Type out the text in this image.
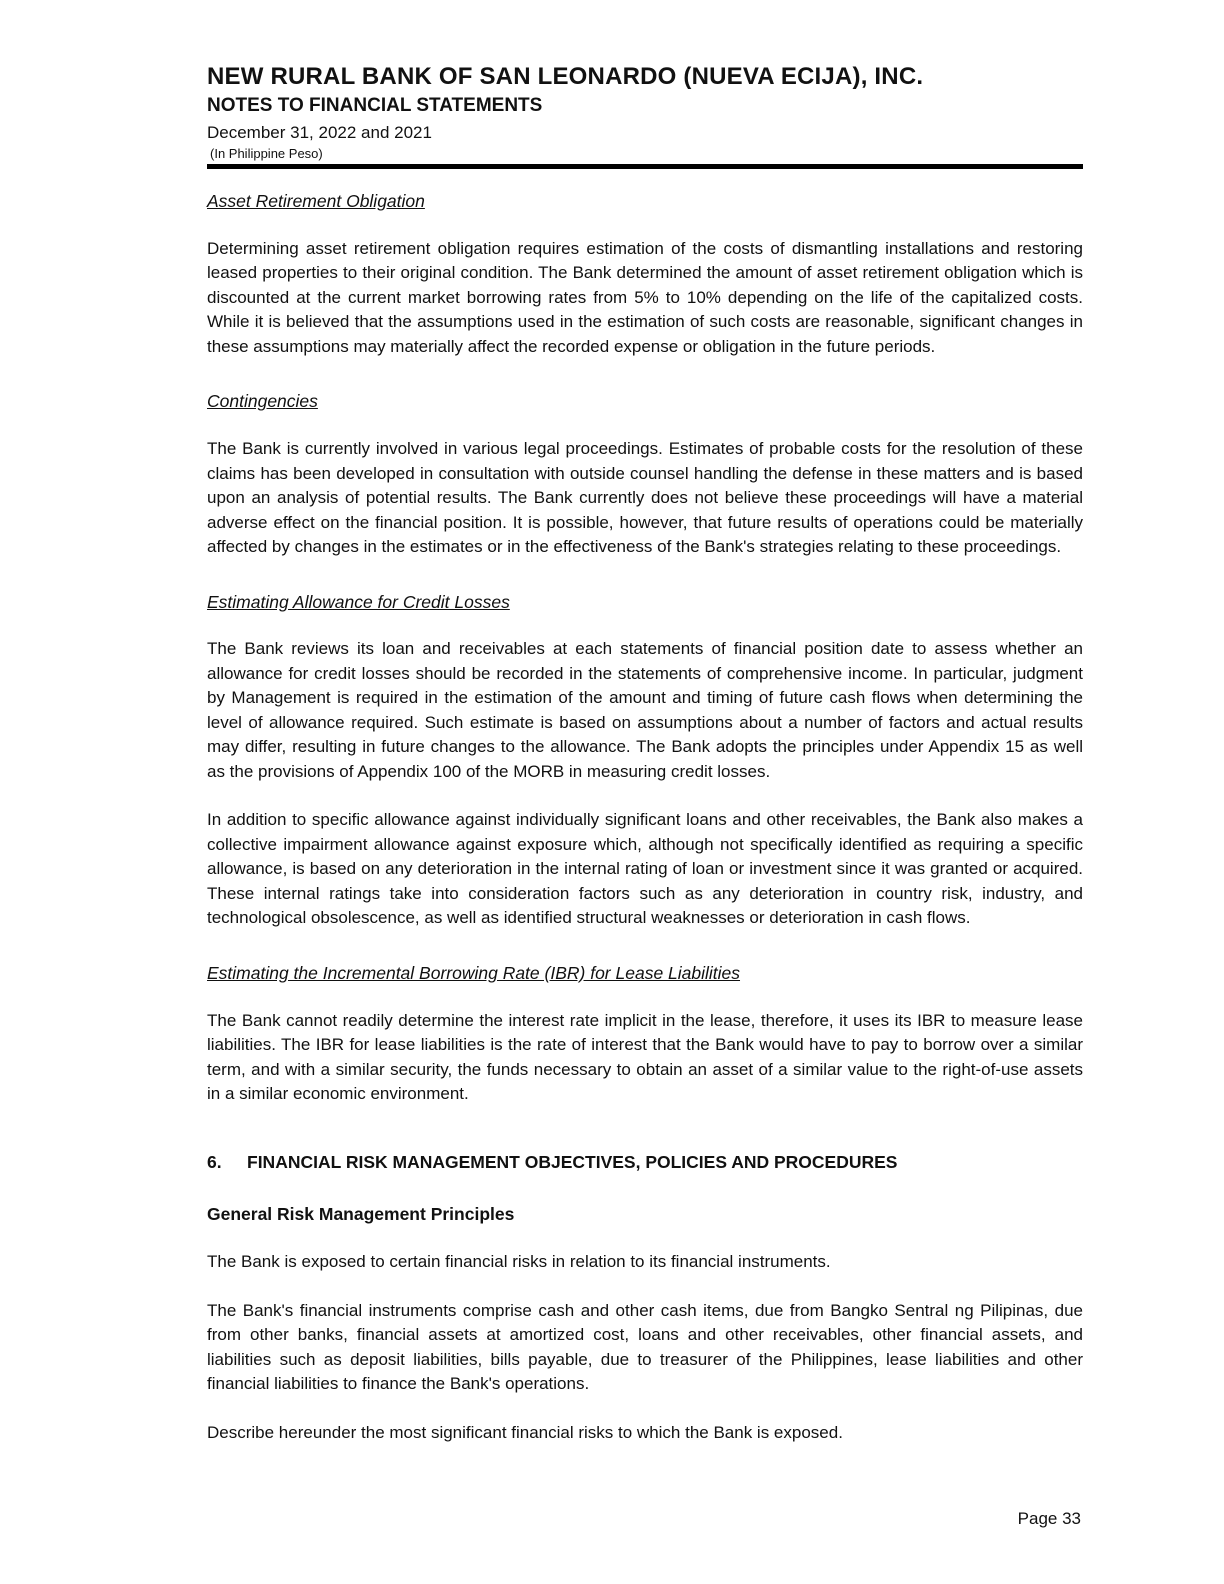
NEW RURAL BANK OF SAN LEONARDO (NUEVA ECIJA), INC.
NOTES TO FINANCIAL STATEMENTS
December 31, 2022 and 2021
(In Philippine Peso)
Asset Retirement Obligation

Determining asset retirement obligation requires estimation of the costs of dismantling installations and restoring leased properties to their original condition. The Bank determined the amount of asset retirement obligation which is discounted at the current market borrowing rates from 5% to 10% depending on the life of the capitalized costs. While it is believed that the assumptions used in the estimation of such costs are reasonable, significant changes in these assumptions may materially affect the recorded expense or obligation in the future periods.

Contingencies

The Bank is currently involved in various legal proceedings. Estimates of probable costs for the resolution of these claims has been developed in consultation with outside counsel handling the defense in these matters and is based upon an analysis of potential results. The Bank currently does not believe these proceedings will have a material adverse effect on the financial position. It is possible, however, that future results of operations could be materially affected by changes in the estimates or in the effectiveness of the Bank's strategies relating to these proceedings.

Estimating Allowance for Credit Losses

The Bank reviews its loan and receivables at each statements of financial position date to assess whether an allowance for credit losses should be recorded in the statements of comprehensive income. In particular, judgment by Management is required in the estimation of the amount and timing of future cash flows when determining the level of allowance required. Such estimate is based on assumptions about a number of factors and actual results may differ, resulting in future changes to the allowance. The Bank adopts the principles under Appendix 15 as well as the provisions of Appendix 100 of the MORB in measuring credit losses.

In addition to specific allowance against individually significant loans and other receivables, the Bank also makes a collective impairment allowance against exposure which, although not specifically identified as requiring a specific allowance, is based on any deterioration in the internal rating of loan or investment since it was granted or acquired. These internal ratings take into consideration factors such as any deterioration in country risk, industry, and technological obsolescence, as well as identified structural weaknesses or deterioration in cash flows.

Estimating the Incremental Borrowing Rate (IBR) for Lease Liabilities

The Bank cannot readily determine the interest rate implicit in the lease, therefore, it uses its IBR to measure lease liabilities. The IBR for lease liabilities is the rate of interest that the Bank would have to pay to borrow over a similar term, and with a similar security, the funds necessary to obtain an asset of a similar value to the right-of-use assets in a similar economic environment.

6.	FINANCIAL RISK MANAGEMENT OBJECTIVES, POLICIES AND PROCEDURES
General Risk Management Principles

The Bank is exposed to certain financial risks in relation to its financial instruments.

The Bank's financial instruments comprise cash and other cash items, due from Bangko Sentral ng Pilipinas, due from other banks, financial assets at amortized cost, loans and other receivables, other financial assets, and liabilities such as deposit liabilities, bills payable, due to treasurer of the Philippines, lease liabilities and other financial liabilities to finance the Bank's operations.

Describe hereunder the most significant financial risks to which the Bank is exposed.

Page 33
